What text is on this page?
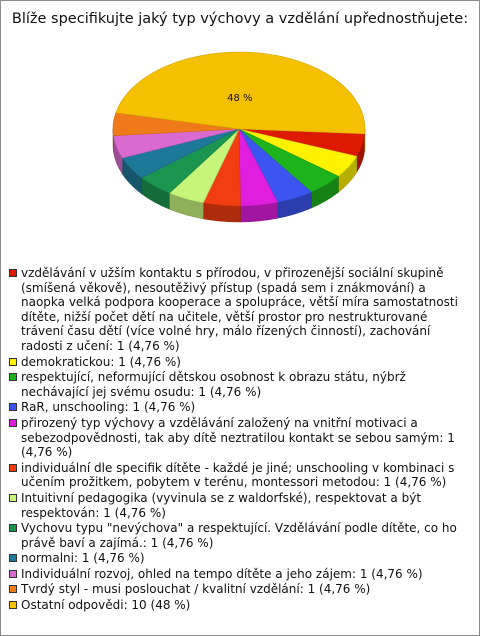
Blíže specifikujte jaký typ výchovy a vzdělání upřednostňujete:
48 %
vzdělávání v užším kontaktu s přírodou, v přirozenější sociální skupině (smíšená věkově), nesoutěživý přístup (spadá sem i znákmování) a naopka velká podpora kooperace a spolupráce, větší míra samostatnosti dítěte, nižší počet dětí na učitele, větší prostor pro nestrukturované trávení času dětí (více volné hry, málo řízených činností), zachování radosti z učení: 1 (4,76 %)
demokratickou: 1 (4,76 %)
respektující, neformující dětskou osobnost k obrazu státu, nýbrž nechávající jej svému osudu: 1 (4,76 %)
RaR, unschooling: 1 (4,76 %)
přirozený typ výchovy a vzdělávání založený na vnitřní motivaci a sebezodpovědnosti, tak aby dítě neztratilou kontakt se sebou samým: 1 (4,76 %)
individuální dle specifik dítěte - každé je jiné; unschooling v kombinaci s učením prožitkem, pobytem v terénu, montessori metodou: 1 (4,76 %)
Intuitivní pedagogika (vyvinula se z waldorfské), respektovat a být respektován: 1 (4,76 %)
Vychovu typu "nevýchova" a respektující. Vzdělávání podle dítěte, co ho právě baví a zajímá.: 1 (4,76 %)
normalni: 1 (4,76 %)
Individuální rozvoj, ohled na tempo dítěte a jeho zájem: 1 (4,76 %)
Tvrdý styl - musi poslouchat / kvalitní vzdělání: 1 (4,76 %)
Ostatní odpovědi: 10 (48 %)
